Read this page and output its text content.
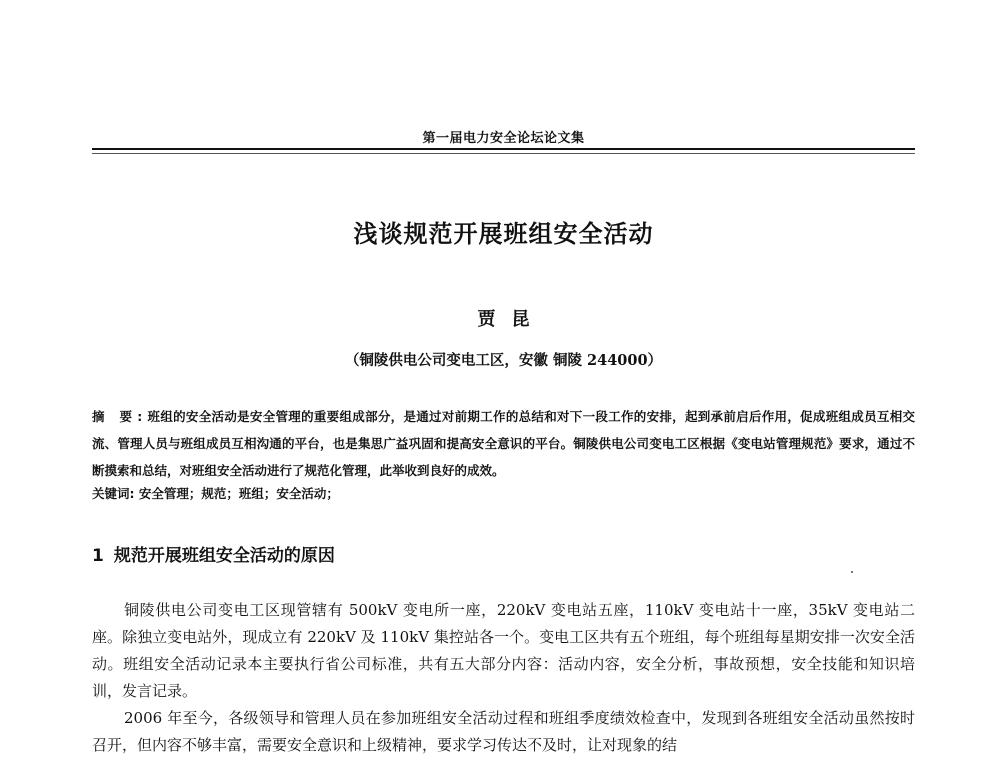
第一届电力安全论坛论文集
浅谈规范开展班组安全活动
贾昆
（铜陵供电公司变电工区，安徽 铜陵 244000）
摘 要:班组的安全活动是安全管理的重要组成部分，是通过对前期工作的总结和对下一段工作的安排，起到承前启后作用，促成班组成员互相交流、管理人员与班组成员互相沟通的平台，也是集思广益巩固和提高安全意识的平台。铜陵供电公司变电工区根据《变电站管理规范》要求，通过不断摸索和总结，对班组安全活动进行了规范化管理，此举收到良好的成效。
关键词: 安全管理；规范；班组；安全活动；
1 规范开展班组安全活动的原因

铜陵供电公司变电工区现管辖有 500kV 变电所一座，220kV 变电站五座，110kV 变电站十一座，35kV 变电站二座。除独立变电站外，现成立有 220kV 及 110kV 集控站各一个。变电工区共有五个班组，每个班组每星期安排一次安全活动。班组安全活动记录本主要执行省公司标准，共有五大部分内容：活动内容，安全分析，事故预想，安全技能和知识培训，发言记录。

2006 年至今，各级领导和管理人员在参加班组安全活动过程和班组季度绩效检查中，发现到各班组安全活动虽然按时召开，但内容不够丰富，需要安全意识和上级精神，要求学习传达不及时，让对现象的结
